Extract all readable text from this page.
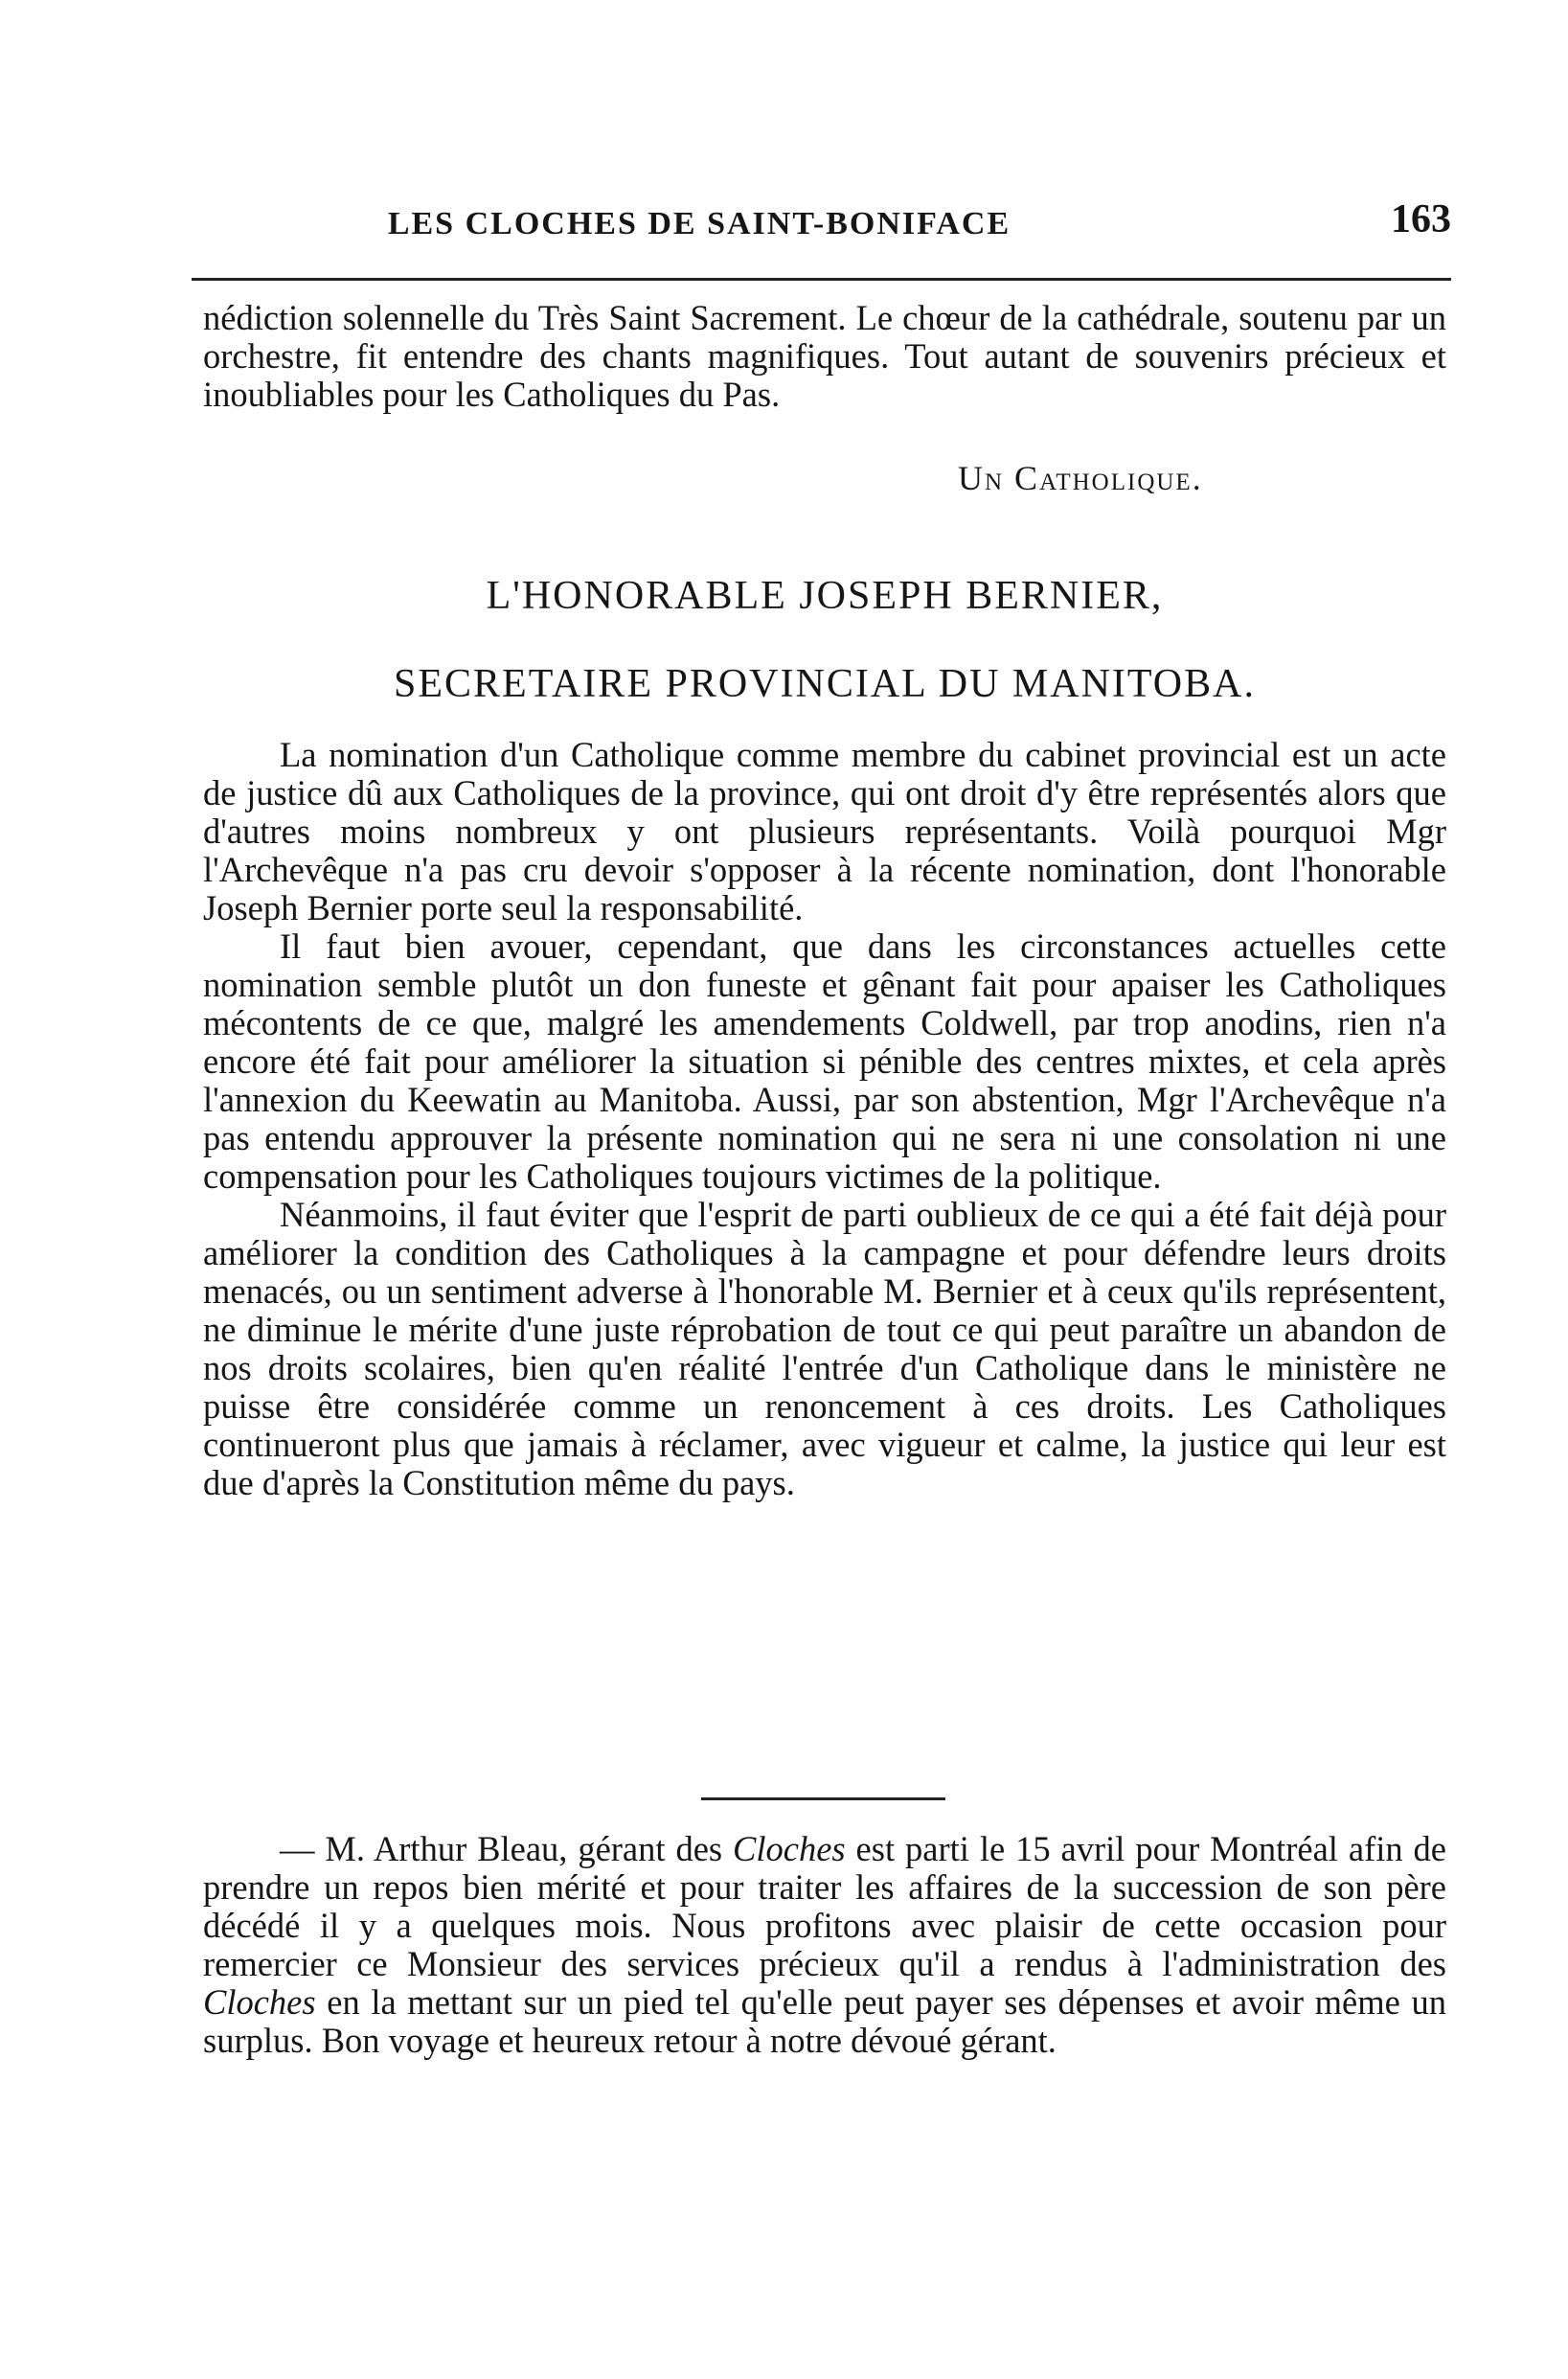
LES CLOCHES DE SAINT-BONIFACE	163

nédiction solennelle du Très Saint Sacrement. Le chœur de la cathédrale, soutenu par un orchestre, fit entendre des chants magnifiques. Tout autant de souvenirs précieux et inoubliables pour les Catholiques du Pas.

Un Catholique.
L'HONORABLE JOSEPH BERNIER,
SECRETAIRE PROVINCIAL DU MANITOBA.

La nomination d'un Catholique comme membre du cabinet provincial est un acte de justice dû aux Catholiques de la province, qui ont droit d'y être représentés alors que d'autres moins nombreux y ont plusieurs représentants. Voilà pourquoi Mgr l'Archevêque n'a pas cru devoir s'opposer à la récente nomination, dont l'honorable Joseph Bernier porte seul la responsabilité.

Il faut bien avouer, cependant, que dans les circonstances actuelles cette nomination semble plutôt un don funeste et gênant fait pour apaiser les Catholiques mécontents de ce que, malgré les amendements Coldwell, par trop anodins, rien n'a encore été fait pour améliorer la situation si pénible des centres mixtes, et cela après l'annexion du Keewatin au Manitoba. Aussi, par son abstention, Mgr l'Archevêque n'a pas entendu approuver la présente nomination qui ne sera ni une consolation ni une compensation pour les Catholiques toujours victimes de la politique.

Néanmoins, il faut éviter que l'esprit de parti oublieux de ce qui a été fait déjà pour améliorer la condition des Catholiques à la campagne et pour défendre leurs droits menacés, ou un sentiment adverse à l'honorable M. Bernier et à ceux qu'ils représentent, ne diminue le mérite d'une juste réprobation de tout ce qui peut paraître un abandon de nos droits scolaires, bien qu'en réalité l'entrée d'un Catholique dans le ministère ne puisse être considérée comme un renoncement à ces droits. Les Catholiques continueront plus que jamais à réclamer, avec vigueur et calme, la justice qui leur est due d'après la Constitution même du pays.

— M. Arthur Bleau, gérant des Cloches est parti le 15 avril pour Montréal afin de prendre un repos bien mérité et pour traiter les affaires de la succession de son père décédé il y a quelques mois. Nous profitons avec plaisir de cette occasion pour remercier ce Monsieur des services précieux qu'il a rendus à l'administration des Cloches en la mettant sur un pied tel qu'elle peut payer ses dépenses et avoir même un surplus. Bon voyage et heureux retour à notre dévoué gérant.
